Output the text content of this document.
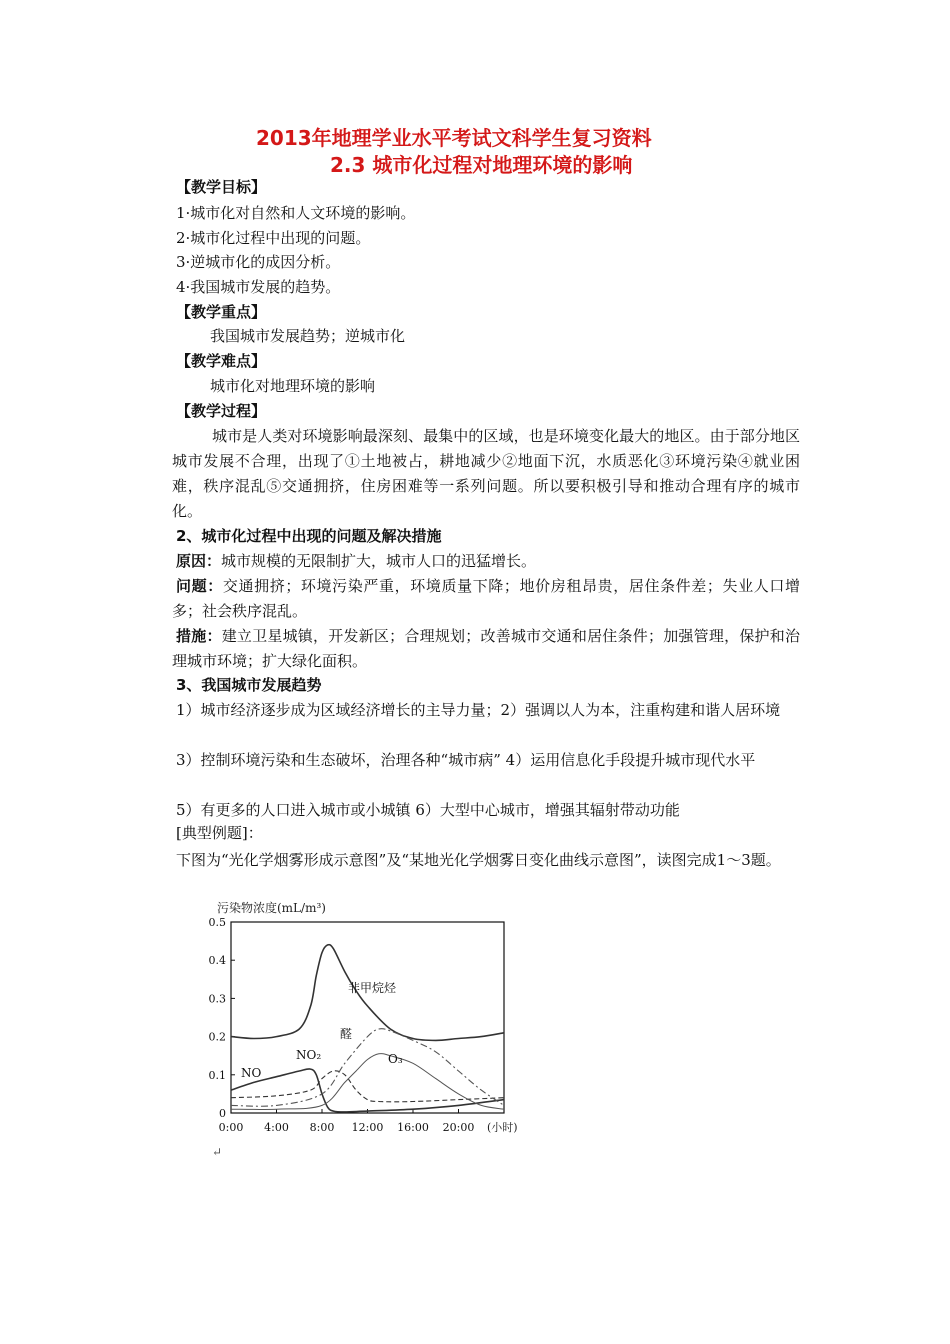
2013年地理学业水平考试文科学生复习资料
2.3 城市化过程对地理环境的影响
【教学目标】
1·城市化对自然和人文环境的影响。
2·城市化过程中出现的问题。
3·逆城市化的成因分析。
4·我国城市发展的趋势。
【教学重点】
我国城市发展趋势；逆城市化
【教学难点】
城市化对地理环境的影响
【教学过程】
城市是人类对环境影响最深刻、最集中的区域，也是环境变化最大的地区。由于部分地区城市发展不合理，出现了①土地被占，耕地减少②地面下沉，水质恶化③环境污染④就业困难，秩序混乱⑤交通拥挤，住房困难等一系列问题。所以要积极引导和推动合理有序的城市化。
2、城市化过程中出现的问题及解决措施
原因：城市规模的无限制扩大，城市人口的迅猛增长。
问题：交通拥挤；环境污染严重，环境质量下降；地价房租昂贵，居住条件差；失业人口增多；社会秩序混乱。
措施：建立卫星城镇，开发新区；合理规划；改善城市交通和居住条件；加强管理，保护和治理城市环境；扩大绿化面积。
3、我国城市发展趋势
1）城市经济逐步成为区域经济增长的主导力量；2）强调以人为本，注重构建和谐人居环境
3）控制环境污染和生态破坏，治理各种“城市病” 4）运用信息化手段提升城市现代水平
5）有更多的人口进入城市或小城镇 6）大型中心城市，增强其辐射带动功能
[典型例题]：
下图为“光化学烟雾形成示意图”及“某地光化学烟雾日变化曲线示意图”，读图完成1～3题。
污染物浓度(mL/m³)
0
0.1
0.2
0.3
0.4
0.5
0:00 4:00 8:00 12:00 16:00 20:00 (小时)
非甲烷烃
NO
NO₂
醛
O₃
↵
